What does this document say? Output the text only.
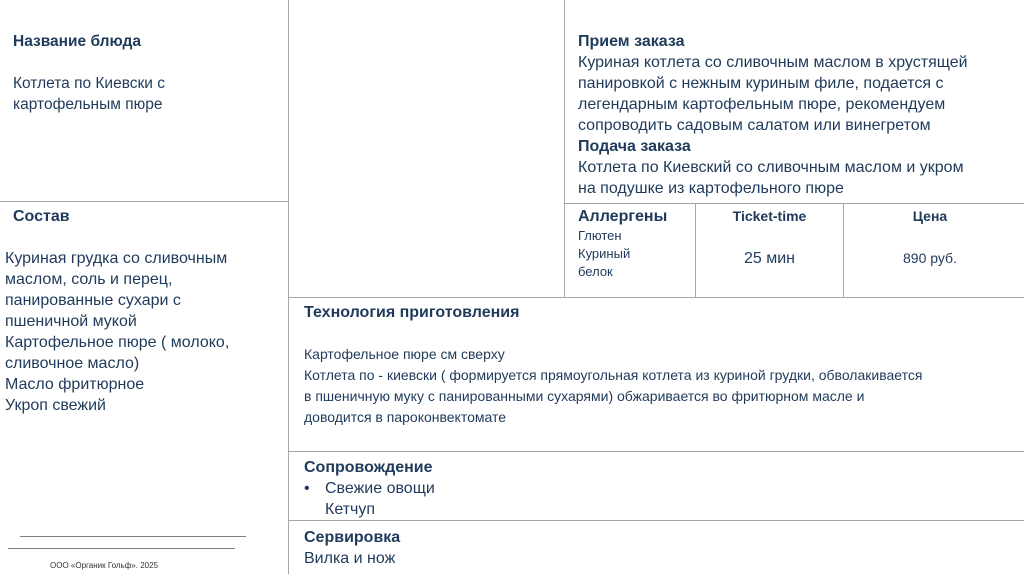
Название блюда
Котлета по Киевски с
картофельным пюре
Состав
Куриная грудка со сливочным
маслом, соль и перец,
панированные сухари с
пшеничной мукой
Картофельное пюре ( молоко,
сливочное масло)
Масло фритюрное
Укроп свежий
Прием заказа
Куриная котлета со сливочным маслом в хрустящей
панировкой с нежным куриным филе, подается с
легендарным картофельным пюре, рекомендуем
сопроводить садовым салатом или винегретом
Подача заказа
Котлета по Киевский со сливочным маслом и укром
на подушке из картофельного пюре
Аллергены
Глютен
Куриный
белок
Ticket-time
25 мин
Цена
890 руб.
Технология приготовления
Картофельное пюре см сверху
Котлета по - киевски ( формируется прямоугольная котлета из куриной грудки, обволакивается
в пшеничную муку с панированными сухарями) обжаривается во фритюрном масле и
доводится в пароконвектомате
Сопровождение
• Свежие овощи
Кетчуп
Сервировка
Вилка и нож
ООО «Органик Гольф». 2025
